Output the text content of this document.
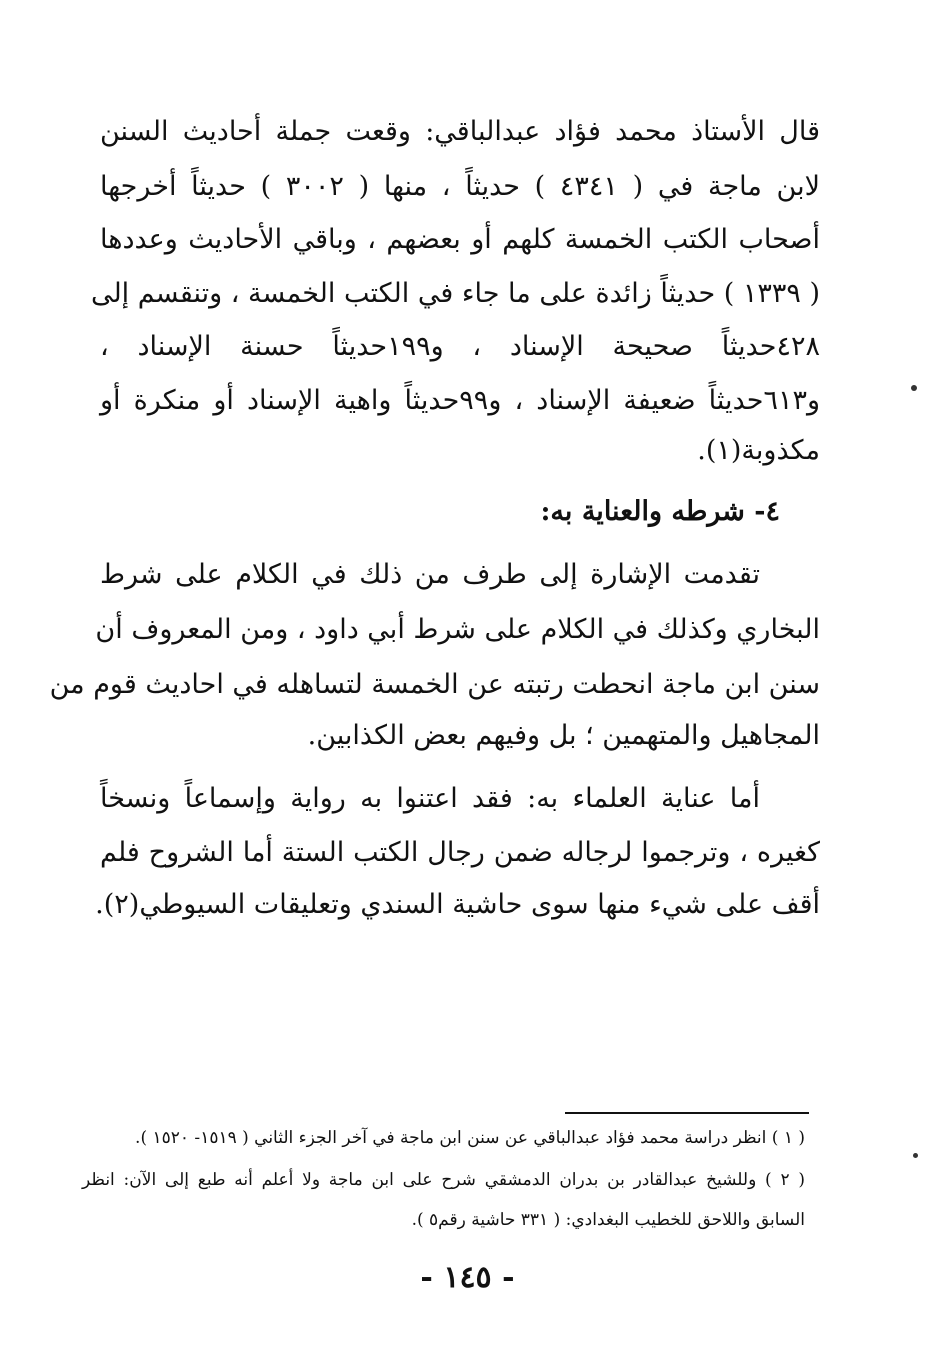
قال الأستاذ محمد فؤاد عبدالباقي: وقعت جملة أحاديث السنن
لابن ماجة في ( ٤٣٤١ ) حديثاً ، منها ( ٣٠٠٢ ) حديثاً أخرجها
أصحاب الكتب الخمسة كلهم أو بعضهم ، وباقي الأحاديث وعددها
( ١٣٣٩ ) حديثاً زائدة على ما جاء في الكتب الخمسة ، وتنقسم إلى
٤٢٨حديثاً صحيحة الإسناد ، و١٩٩حديثاً حسنة الإسناد ،
و٦١٣حديثاً ضعيفة الإسناد ، و٩٩حديثاً واهية الإسناد أو منكرة أو
مكذوبة(١).
٤- شرطه والعناية به:
تقدمت الإشارة إلى طرف من ذلك في الكلام على شرط
البخاري وكذلك في الكلام على شرط أبي داود ، ومن المعروف أن
سنن ابن ماجة انحطت رتبته عن الخمسة لتساهله في احاديث قوم من
المجاهيل والمتهمين ؛ بل وفيهم بعض الكذابين.
أما عناية العلماء به: فقد اعتنوا به رواية وإسماعاً ونسخاً
كغيره ، وترجموا لرجاله ضمن رجال الكتب الستة أما الشروح فلم
أقف على شيء منها سوى حاشية السندي وتعليقات السيوطي(٢).
( ١ ) انظر دراسة محمد فؤاد عبدالباقي عن سنن ابن ماجة في آخر الجزء الثاني ( ١٥١٩- ١٥٢٠ ).
( ٢ ) وللشيخ عبدالقادر بن بدران الدمشقي شرح على ابن ماجة ولا أعلم أنه طبع إلى الآن: انظر
السابق واللاحق للخطيب البغدادي: ( ٣٣١ حاشية رقم٥ ).
- ١٤٥ -
